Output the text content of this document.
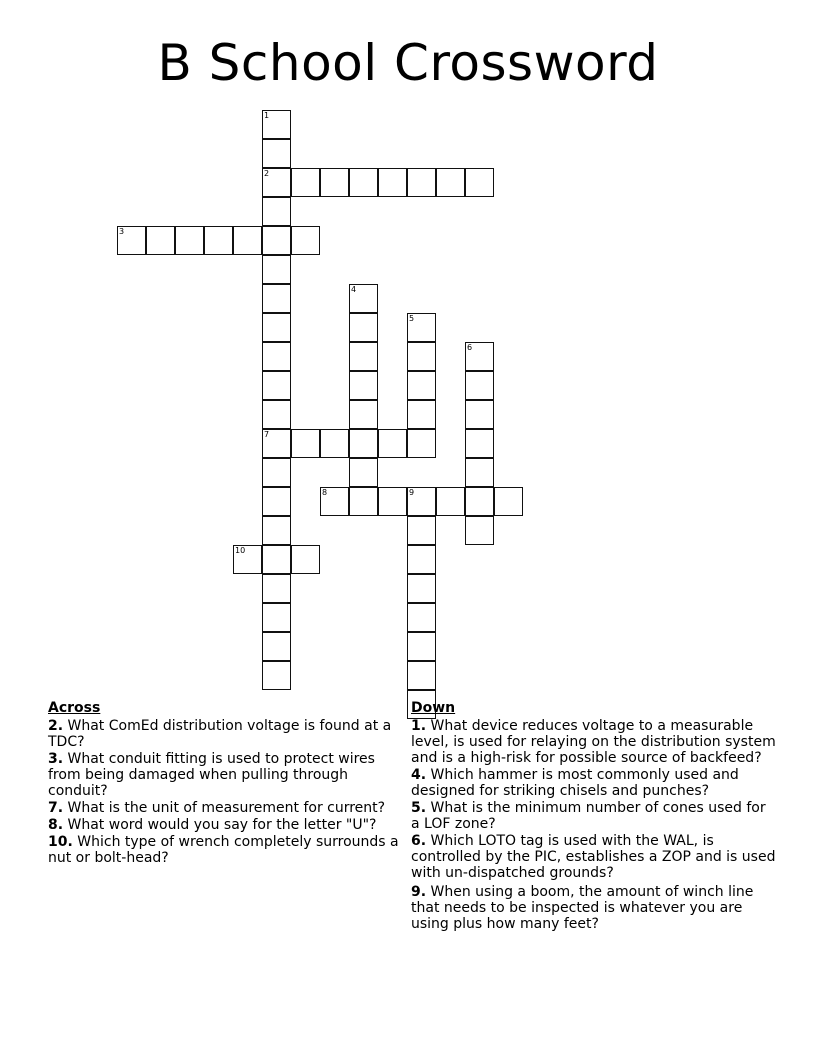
B School Crossword
1
2
7
3
4
5
6
8	9
10
Across
2. What ComEd distribution voltage is found at a TDC?
3. What conduit fitting is used to protect wires from being damaged when pulling through conduit?
7. What is the unit of measurement for current?
8. What word would you say for the letter "U"?
10. Which type of wrench completely surrounds a nut or bolt-head?
Down
1. What device reduces voltage to a measurable level, is used for relaying on the distribution system and is a high-risk for possible source of backfeed?
4. Which hammer is most commonly used and designed for striking chisels and punches?
5. What is the minimum number of cones used for a LOF zone?
6. Which LOTO tag is used with the WAL, is controlled by the PIC, establishes a ZOP and is used with un-dispatched grounds?
9. When using a boom, the amount of winch line that needs to be inspected is whatever you are using plus how many feet?
